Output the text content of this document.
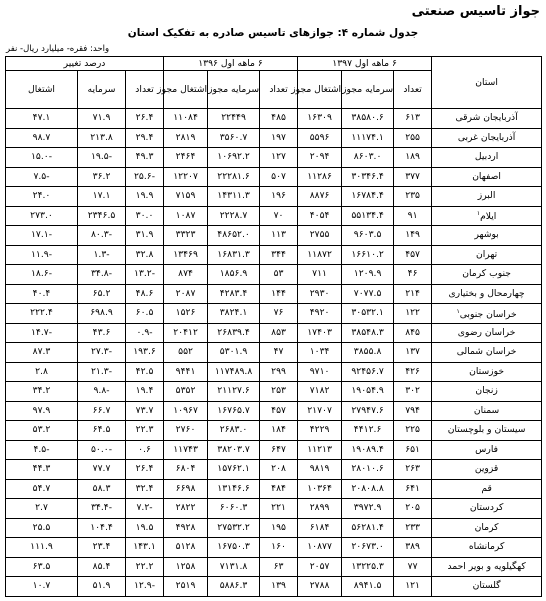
جواز تاسیس صنعتی
جدول شماره ۴: جوازهای تاسیس صادره به تفکیک استان
واحد: فقره- میلیارد ریال- نفر
استان	۶ ماهه اول ۱۳۹۷			۶ ماهه اول ۱۳۹۶			درصد تغییر		
	تعداد	سرمایه مجوز	اشتغال مجوز	تعداد	سرمایه مجوز	اشتغال مجوز	تعداد	سرمایه	اشتغال
آذربایجان شرقی	۶۱۳	۳۸۵۸۰.۶	۱۶۳۰۹	۴۸۵	۲۲۴۴۹	۱۱۰۸۴	۲۶.۴	۷۱.۹	۴۷.۱
آذربایجان غربی	۲۵۵	۱۱۱۷۴.۱	۵۵۹۶	۱۹۷	۳۵۶۰.۷	۲۸۱۹	۲۹.۴	۲۱۳.۸	۹۸.۷
اردبیل	۱۸۹	۸۶۰۳.۰	۲۰۹۴	۱۲۷	۱۰۶۹۲.۲	۲۴۶۴	۴۹.۳	-۱۹.۵	-۱۵.۰
اصفهان	۳۷۷	۳۰۳۴۶.۴	۱۱۲۸۶	۵۰۷	۲۲۲۸۱.۶	۱۲۲۰۷	-۲۵.۶	۳۶.۲	-۷.۵
البرز	۲۳۵	۱۶۷۸۴.۴	۸۸۷۶	۱۹۶	۱۴۳۱۱.۳	۷۱۵۹	۱۹.۹	۱۷.۱	۲۴.۰
ایلام$^۱$	۹۱	۵۵۱۳۴.۴	۴۰۵۴	۷۰	۲۲۲۸.۷	۱۰۸۷	۳۰.۰	۲۳۴۶.۵	۲۷۳.۰
بوشهر	۱۴۹	۹۶۰۳.۵	۲۷۵۵	۱۱۳	۴۸۶۵۲.۰	۳۳۲۳	۳۱.۹	-۸۰.۳	-۱۷.۱
تهران	۴۵۷	۱۶۶۱۰.۲	۱۱۸۷۲	۳۴۴	۱۶۸۳۱.۳	۱۳۴۶۹	۳۲.۸	-۱.۳	-۱۱.۹
جنوب کرمان	۴۶	۱۲۰۹.۹	۷۱۱	۵۳	۱۸۵۶.۹	۸۷۴	-۱۳.۲	-۳۴.۸	-۱۸.۶
چهارمحال و بختیاری	۲۱۴	۷۰۷۷.۵	۲۹۳۰	۱۴۴	۴۲۸۳.۴	۲۰۸۷	۴۸.۶	۶۵.۲	۴۰.۴
خراسان جنوبی$^۱$	۱۲۲	۳۰۵۳۲.۱	۴۹۲۰	۷۶	۳۸۲۴.۱	۱۵۲۶	۶۰.۵	۶۹۸.۹	۲۲۲.۴
خراسان رضوی	۸۴۵	۳۸۵۴۸.۳	۱۷۴۰۳	۸۵۳	۲۶۸۳۹.۴	۲۰۴۱۲	-۰.۹	۴۳.۶	-۱۴.۷
خراسان شمالی	۱۳۷	۳۸۵۵.۸	۱۰۳۴	۴۷	۵۳۰۱.۹	۵۵۲	۱۹۳.۶	-۲۷.۳	۸۷.۳
خوزستان	۴۲۶	۹۲۴۵۶.۷	۹۷۱۰	۲۹۹	۱۱۷۴۸۹.۸	۹۴۴۱	۴۲.۵	-۲۱.۳	۲.۸
زنجان	۳۰۲	۱۹۰۵۴.۹	۷۱۸۲	۲۵۳	۲۱۱۲۷.۶	۵۳۵۲	۱۹.۴	-۹.۸	۳۴.۲
سمنان	۷۹۴	۲۷۹۴۷.۶	۲۱۷۰۷	۴۵۷	۱۶۷۶۵.۷	۱۰۹۶۷	۷۳.۷	۶۶.۷	۹۷.۹
سیستان و بلوچستان	۲۲۵	۴۴۱۲.۶	۴۲۲۹	۱۸۴	۲۶۸۳.۰	۲۷۶۰	۲۲.۳	۶۴.۵	۵۳.۲
فارس	۶۵۱	۱۹۰۸۹.۴	۱۱۲۱۳	۶۴۷	۳۸۲۰۳.۷	۱۱۷۴۳	۰.۶	-۵۰.۰	-۴.۵
قزوین	۲۶۳	۲۸۰۱۰.۶	۹۸۱۹	۲۰۸	۱۵۷۶۲.۱	۶۸۰۴	۲۶.۴	۷۷.۷	۴۴.۳
قم	۶۴۱	۲۰۸۰۸.۸	۱۰۳۶۴	۴۸۴	۱۳۱۴۶.۶	۶۶۹۸	۳۲.۴	۵۸.۳	۵۴.۷
کردستان	۲۰۵	۳۹۷۲.۹	۲۸۹۹	۲۲۱	۶۰۶۰.۳	۲۸۲۲	-۷.۲	-۳۴.۴	۲.۷
کرمان	۲۳۳	۵۶۲۸۱.۴	۶۱۸۴	۱۹۵	۲۷۵۳۲.۲	۴۹۲۸	۱۹.۵	۱۰۴.۴	۲۵.۵
کرمانشاه	۳۸۹	۲۰۶۷۳.۰	۱۰۸۷۷	۱۶۰	۱۶۷۵۰.۳	۵۱۲۸	۱۴۳.۱	۲۳.۴	۱۱۱.۹
کهگیلویه و بویر احمد	۷۷	۱۳۲۲۵.۳	۲۰۵۷	۶۳	۷۱۳۱.۸	۱۲۵۸	۲۲.۲	۸۵.۴	۶۳.۵
گلستان	۱۲۱	۸۹۴۱.۵	۲۷۸۸	۱۳۹	۵۸۸۶.۳	۲۵۱۹	-۱۲.۹	۵۱.۹	۱۰.۷
